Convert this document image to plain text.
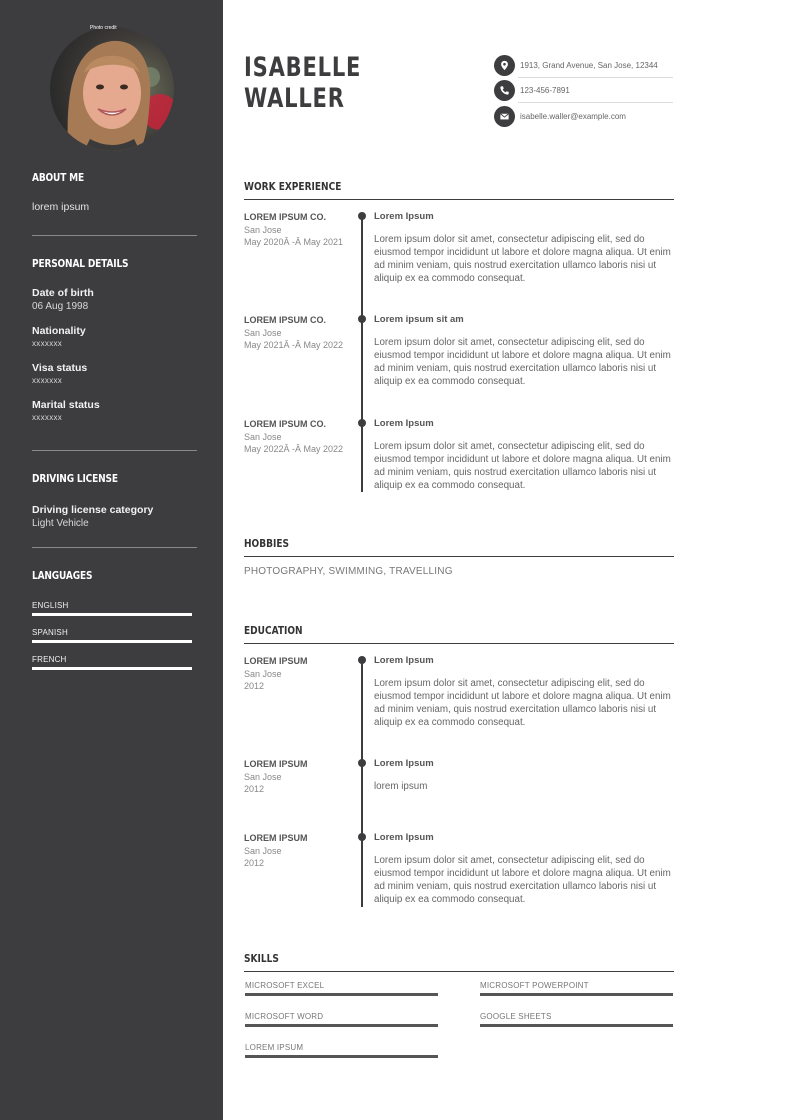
Photo credit
ABOUT ME
lorem ipsum
PERSONAL DETAILS
Date of birth
06 Aug 1998
Nationality
xxxxxxx
Visa status
xxxxxxx
Marital status
xxxxxxx
DRIVING LICENSE
Driving license category
Light Vehicle
LANGUAGES
ENGLISH
SPANISH
FRENCH
ISABELLE
WALLER
1913, Grand Avenue, San Jose, 12344
123-456-7891
isabelle.waller@example.com
WORK EXPERIENCE
LOREM IPSUM CO.
San Jose
May 2020Â -Â May 2021
Lorem Ipsum
Lorem ipsum dolor sit amet, consectetur adipiscing elit, sed do eiusmod tempor incididunt ut labore et dolore magna aliqua. Ut enim ad minim veniam, quis nostrud exercitation ullamco laboris nisi ut aliquip ex ea commodo consequat.
LOREM IPSUM CO.
San Jose
May 2021Â -Â May 2022
Lorem ipsum sit am
Lorem ipsum dolor sit amet, consectetur adipiscing elit, sed do eiusmod tempor incididunt ut labore et dolore magna aliqua. Ut enim ad minim veniam, quis nostrud exercitation ullamco laboris nisi ut aliquip ex ea commodo consequat.
LOREM IPSUM CO.
San Jose
May 2022Â -Â May 2022
Lorem Ipsum
Lorem ipsum dolor sit amet, consectetur adipiscing elit, sed do eiusmod tempor incididunt ut labore et dolore magna aliqua. Ut enim ad minim veniam, quis nostrud exercitation ullamco laboris nisi ut aliquip ex ea commodo consequat.
HOBBIES
PHOTOGRAPHY, SWIMMING, TRAVELLING
EDUCATION
LOREM IPSUM
San Jose
2012
Lorem Ipsum
Lorem ipsum dolor sit amet, consectetur adipiscing elit, sed do eiusmod tempor incididunt ut labore et dolore magna aliqua. Ut enim ad minim veniam, quis nostrud exercitation ullamco laboris nisi ut aliquip ex ea commodo consequat.
LOREM IPSUM
San Jose
2012
Lorem Ipsum
lorem ipsum
LOREM IPSUM
San Jose
2012
Lorem Ipsum
Lorem ipsum dolor sit amet, consectetur adipiscing elit, sed do eiusmod tempor incididunt ut labore et dolore magna aliqua. Ut enim ad minim veniam, quis nostrud exercitation ullamco laboris nisi ut aliquip ex ea commodo consequat.
SKILLS
MICROSOFT EXCEL	MICROSOFT POWERPOINT
MICROSOFT WORD	GOOGLE SHEETS
LOREM IPSUM
